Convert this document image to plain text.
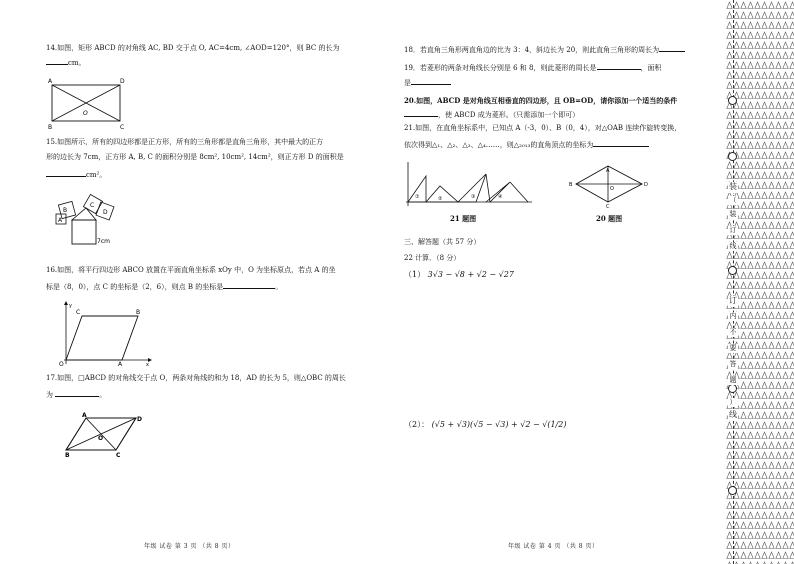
14.如图，矩形 ABCD 的对角线 AC, BD 交于点 O, AC=4cm, ∠AOD=120°，则 BC 的长为
cm。
A	D
B	C
O
15.如图所示，所有的四边形都是正方形，所有的三角形都是直角三角形，其中最大的正方
形的边长为 7cm，正方形 A, B, C 的面积分别是 8cm², 10cm², 14cm²，则正方形 D 的面积是
cm²。
A
B
C
D
7cm
16.如图，将平行四边形 ABCO 放置在平面直角坐标系 xOy 中，O 为坐标原点，若点 A 的坐
标是（8，0），点 C 的坐标是（2，6），则点 B 的坐标是	。
C	B
O	A	x
y
17.如图，□ABCD 的对角线交于点 O，两条对角线的和为 18，AD 的长为 5，则△OBC 的周长
为	。
A
D
B	C
O
年级 试卷 第 3 页 （共 8 页）
18．若直角三角形两直角边的比为 3：4，斜边长为 20，则此直角三角形的周长为
19．若菱形的两条对角线长分别是 6 和 8，则此菱形的周长是	，面积
是
20.如图，ABCD 是对角线互相垂直的四边形，且 OB=OD，请你添加一个适当的条件
，使 ABCD 成为菱形。（只需添加一个即可）
21.如图，在直角坐标系中，已知点 A（-3，0）、B（0，4），对△OAB 连续作旋转变换，
依次得到△₁、△₂、△₃、△₄……，则△₂₀₁₃的直角顶点的坐标为
①	②	③	④
21 题图
B	D
A
C
O
20 题图
三、解答题（共 57 分）
22 计算．（8 分）
（1） 3√3 − √8 + √2 − √27
（2）： (√5 + √3)(√5 − √3) + √2 − √(1/2)
年级 试卷 第 4 页 （共 8 页）
装
订
线
（
装
订
线
内
不
要
答
题
）
